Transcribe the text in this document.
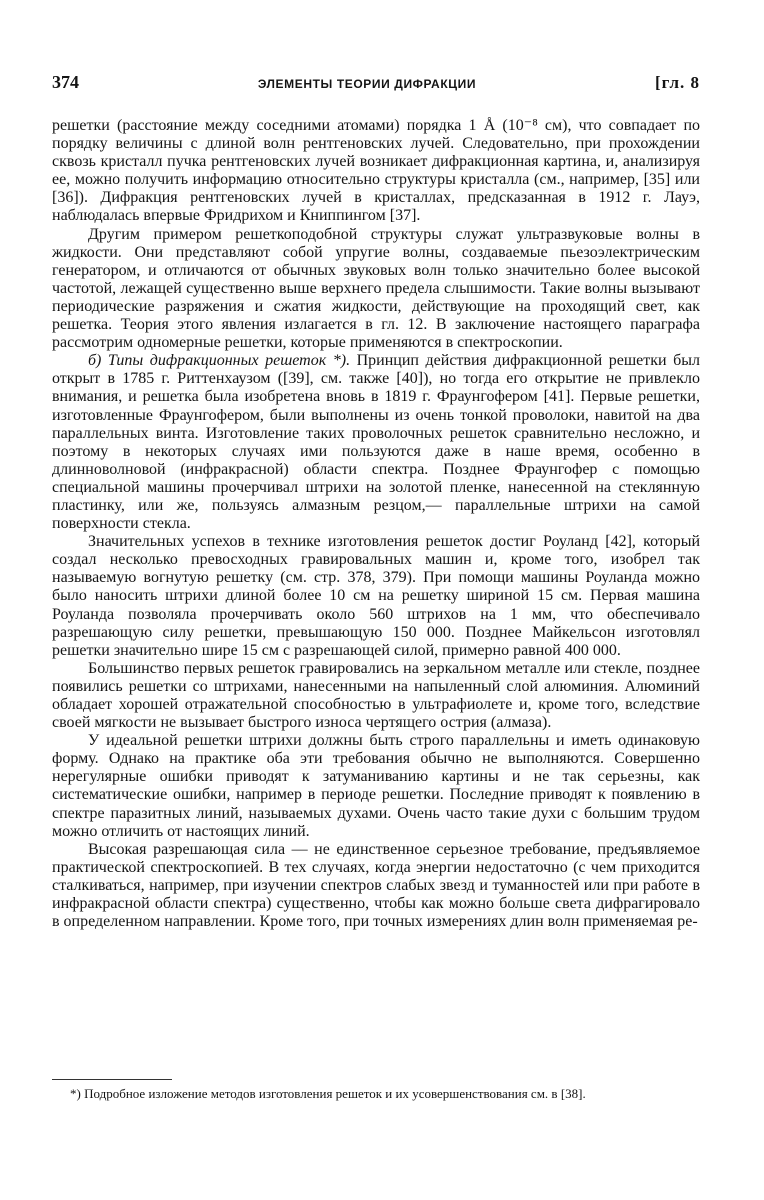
374	ЭЛЕМЕНТЫ ТЕОРИИ ДИФРАКЦИИ	[гл. 8

решетки (расстояние между соседними атомами) порядка 1 Å (10⁻⁸ см), что совпадает по порядку величины с длиной волн рентгеновских лучей. Следовательно, при прохождении сквозь кристалл пучка рентгеновских лучей возникает дифракционная картина, и, анализируя ее, можно получить информацию относительно структуры кристалла (см., например, [35] или [36]). Дифракция рентгеновских лучей в кристаллах, предсказанная в 1912 г. Лауэ, наблюдалась впервые Фридрихом и Книппингом [37].

Другим примером решеткоподобной структуры служат ультразвуковые волны в жидкости. Они представляют собой упругие волны, создаваемые пьезоэлектрическим генератором, и отличаются от обычных звуковых волн только значительно более высокой частотой, лежащей существенно выше верхнего предела слышимости. Такие волны вызывают периодические разряжения и сжатия жидкости, действующие на проходящий свет, как решетка. Теория этого явления излагается в гл. 12. В заключение настоящего параграфа рассмотрим одномерные решетки, которые применяются в спектроскопии.

б) Типы дифракционных решеток *). Принцип действия дифракционной решетки был открыт в 1785 г. Риттенхаузом ([39], см. также [40]), но тогда его открытие не привлекло внимания, и решетка была изобретена вновь в 1819 г. Фраунгофером [41]. Первые решетки, изготовленные Фраунгофером, были выполнены из очень тонкой проволоки, навитой на два параллельных винта. Изготовление таких проволочных решеток сравнительно несложно, и поэтому в некоторых случаях ими пользуются даже в наше время, особенно в длинноволновой (инфракрасной) области спектра. Позднее Фраунгофер с помощью специальной машины прочерчивал штрихи на золотой пленке, нанесенной на стеклянную пластинку, или же, пользуясь алмазным резцом,— параллельные штрихи на самой поверхности стекла.

Значительных успехов в технике изготовления решеток достиг Роуланд [42], который создал несколько превосходных гравировальных машин и, кроме того, изобрел так называемую вогнутую решетку (см. стр. 378, 379). При помощи машины Роуланда можно было наносить штрихи длиной более 10 см на решетку шириной 15 см. Первая машина Роуланда позволяла прочерчивать около 560 штрихов на 1 мм, что обеспечивало разрешающую силу решетки, превышающую 150 000. Позднее Майкельсон изготовлял решетки значительно шире 15 см с разрешающей силой, примерно равной 400 000.

Большинство первых решеток гравировались на зеркальном металле или стекле, позднее появились решетки со штрихами, нанесенными на напыленный слой алюминия. Алюминий обладает хорошей отражательной способностью в ультрафиолете и, кроме того, вследствие своей мягкости не вызывает быстрого износа чертящего острия (алмаза).

У идеальной решетки штрихи должны быть строго параллельны и иметь одинаковую форму. Однако на практике оба эти требования обычно не выполняются. Совершенно нерегулярные ошибки приводят к затуманиванию картины и не так серьезны, как систематические ошибки, например в периоде решетки. Последние приводят к появлению в спектре паразитных линий, называемых духами. Очень часто такие духи с большим трудом можно отличить от настоящих линий.

Высокая разрешающая сила — не единственное серьезное требование, предъявляемое практической спектроскопией. В тех случаях, когда энергии недостаточно (с чем приходится сталкиваться, например, при изучении спектров слабых звезд и туманностей или при работе в инфракрасной области спектра) существенно, чтобы как можно больше света дифрагировало в определенном направлении. Кроме того, при точных измерениях длин волн применяемая ре-

*) Подробное изложение методов изготовления решеток и их усовершенствования см. в [38].
